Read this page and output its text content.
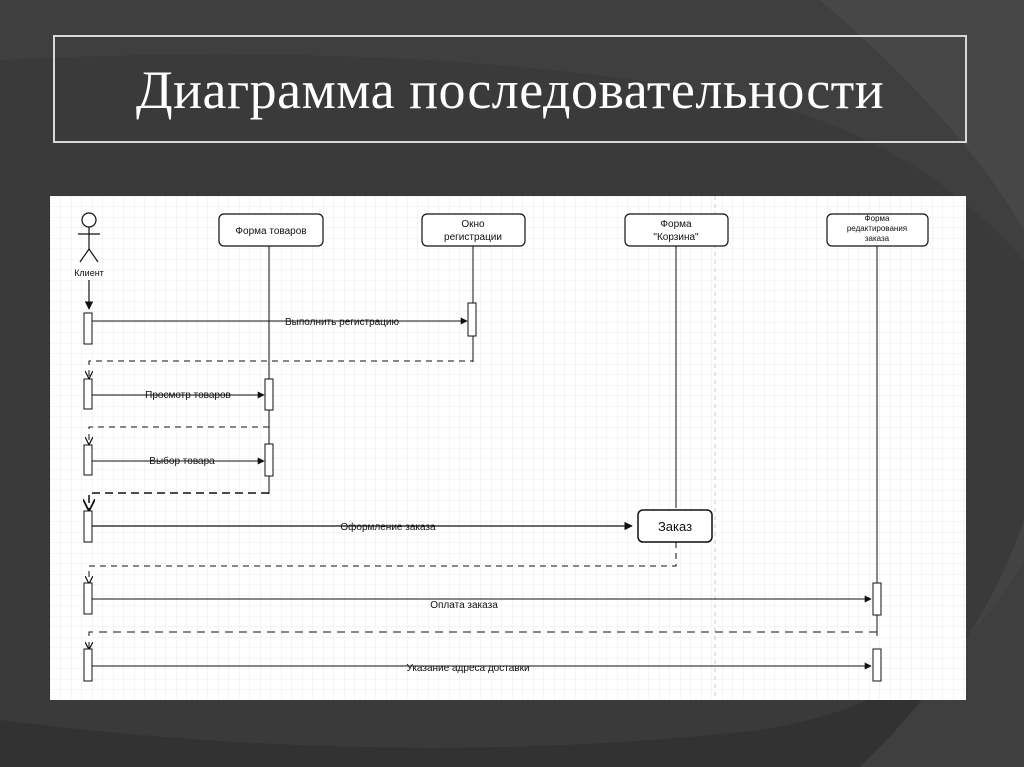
Диаграмма последовательности
Клиент
Форма товаров
Окно
регистрации
Форма
"Корзина"
Форма
редактирования
заказа
Выполнить регистрацию
Просмотр товаров
Выбор товара
Оформление заказа	Заказ
Оплата заказа
Указание адреса доставки
